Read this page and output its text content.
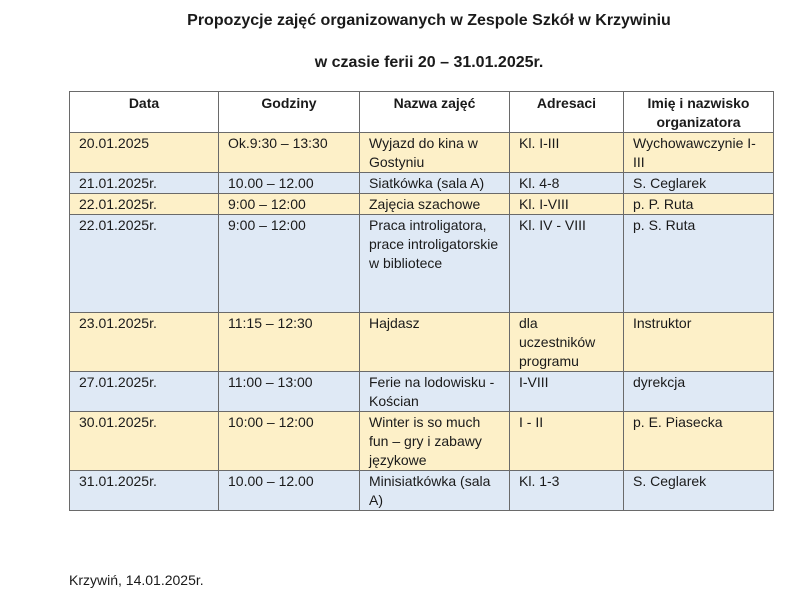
Propozycje zajęć organizowanych w Zespole Szkół w Krzywiniu
w czasie ferii 20 – 31.01.2025r.
Data	Godziny	Nazwa zajęć	Adresaci	Imię i nazwisko organizatora
20.01.2025	Ok.9:30 – 13:30	Wyjazd do kina w Gostyniu	Kl. I-III	Wychowawczynie I-III
21.01.2025r.	10.00 – 12.00	Siatkówka (sala A)	Kl. 4-8	S. Ceglarek
22.01.2025r.	9:00 – 12:00	Zajęcia szachowe	Kl. I-VIII	p. P. Ruta
22.01.2025r.	9:00 – 12:00	Praca introligatora, prace introligatorskie w bibliotece	Kl. IV - VIII	p. S. Ruta
23.01.2025r.	11:15 – 12:30	Hajdasz	dla uczestników programu	Instruktor
27.01.2025r.	11:00 – 13:00	Ferie na lodowisku - Kościan	I-VIII	dyrekcja
30.01.2025r.	10:00 – 12:00	Winter is so much fun – gry i zabawy językowe	I - II	p. E. Piasecka
31.01.2025r.	10.00 – 12.00	Minisiatkówka (sala A)	Kl. 1-3	S. Ceglarek

Krzywiń, 14.01.2025r.
